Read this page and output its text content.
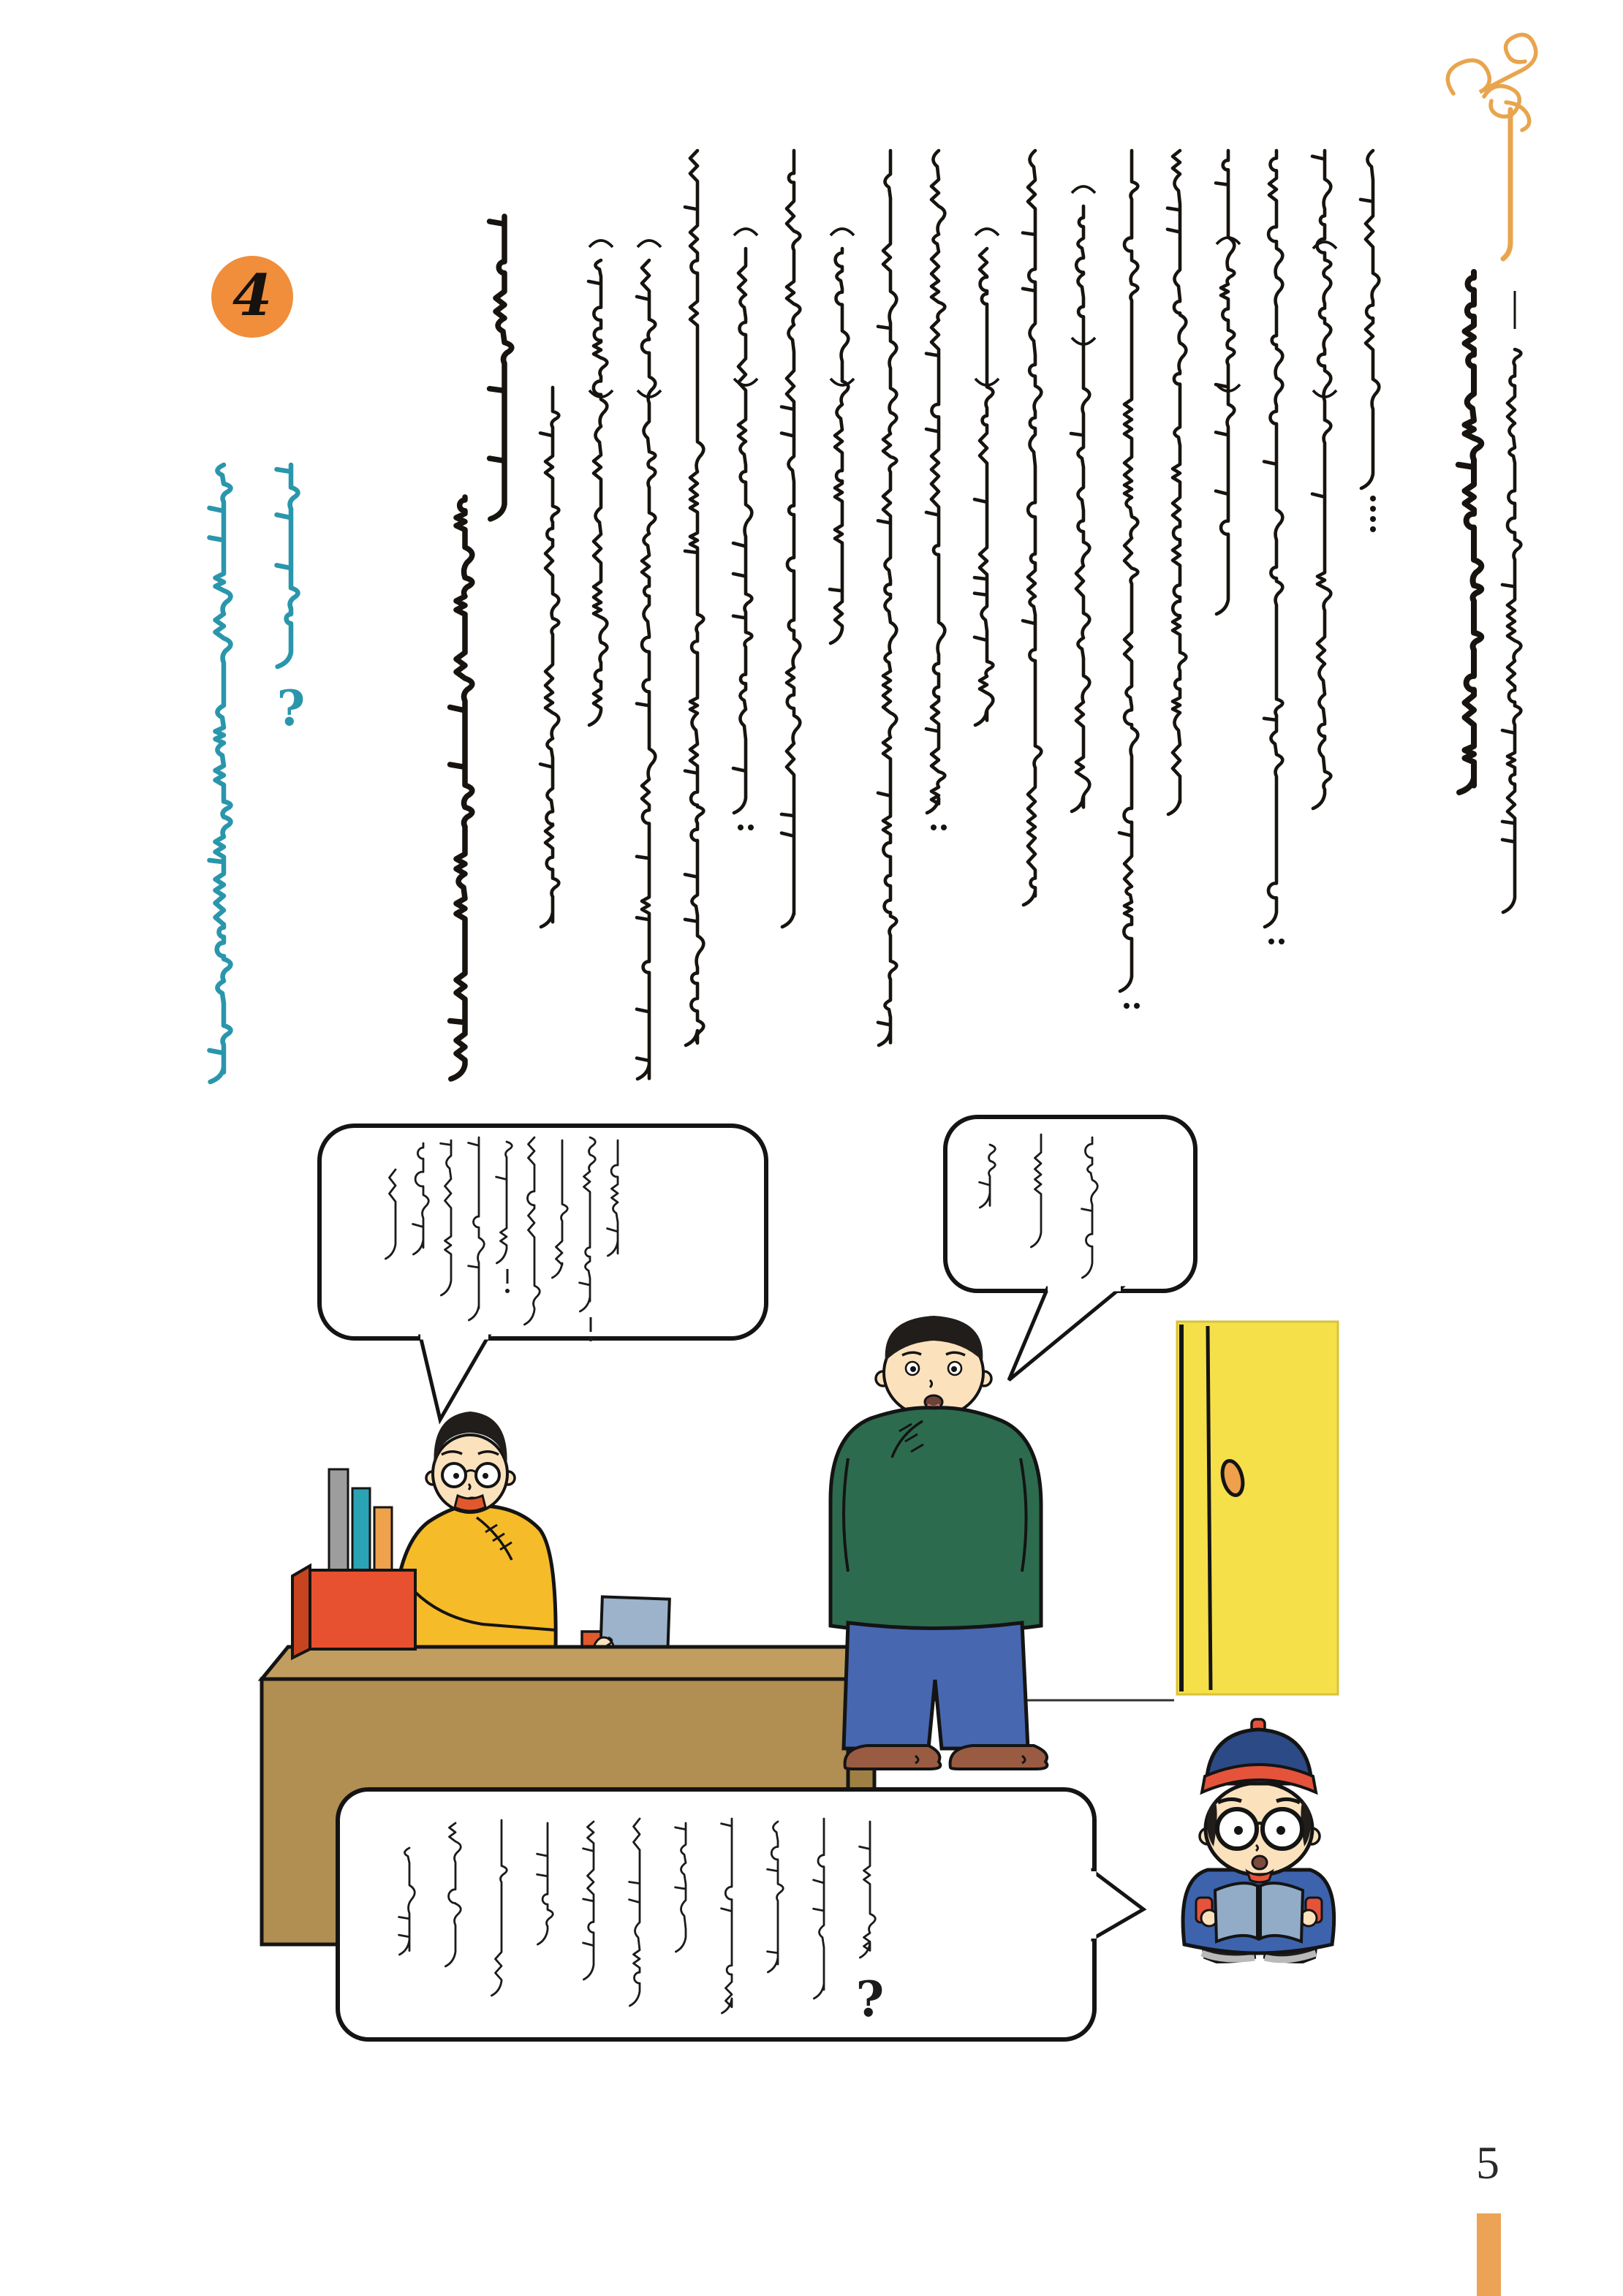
?
?
4
5
